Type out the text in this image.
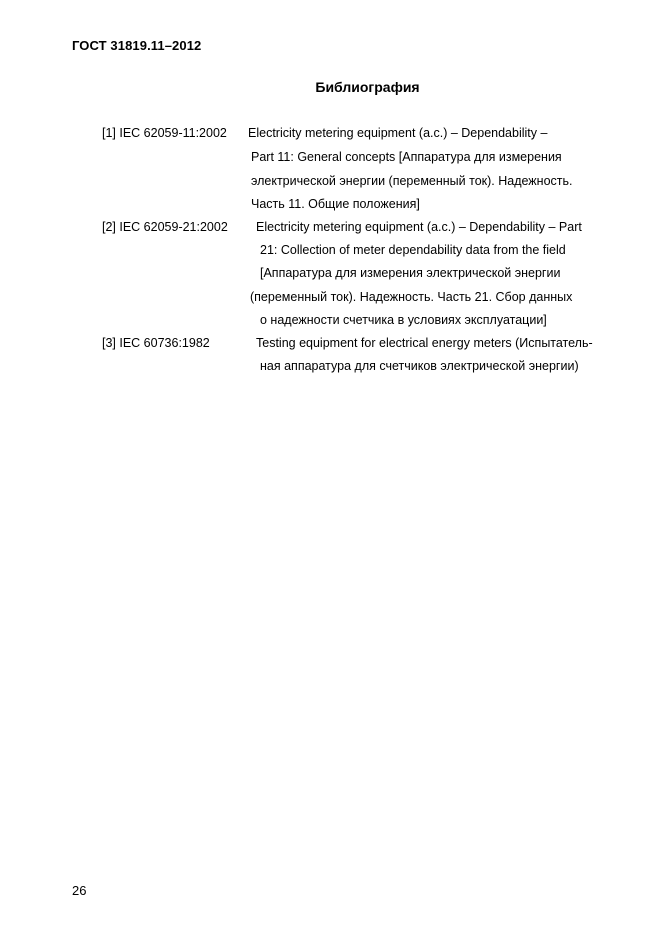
ГОСТ 31819.11–2012
Библиография
[1] IEC 62059-11:2002 Electricity metering equipment (a.c.) – Dependability –
Part 11: General concepts [Аппаратура для измерения
электрической энергии (переменный ток). Надежность.
Часть 11. Общие положения]
[2] IEC 62059-21:2002 Electricity metering equipment (a.c.) – Dependability – Part
21: Collection of meter dependability data from the field
[Аппаратура для измерения электрической энергии
(переменный ток). Надежность. Часть 21. Сбор данных
о надежности счетчика в условиях эксплуатации]
[3] IEC 60736:1982	Testing equipment for electrical energy meters (Испытатель-
ная аппаратура для счетчиков электрической энергии)
26
